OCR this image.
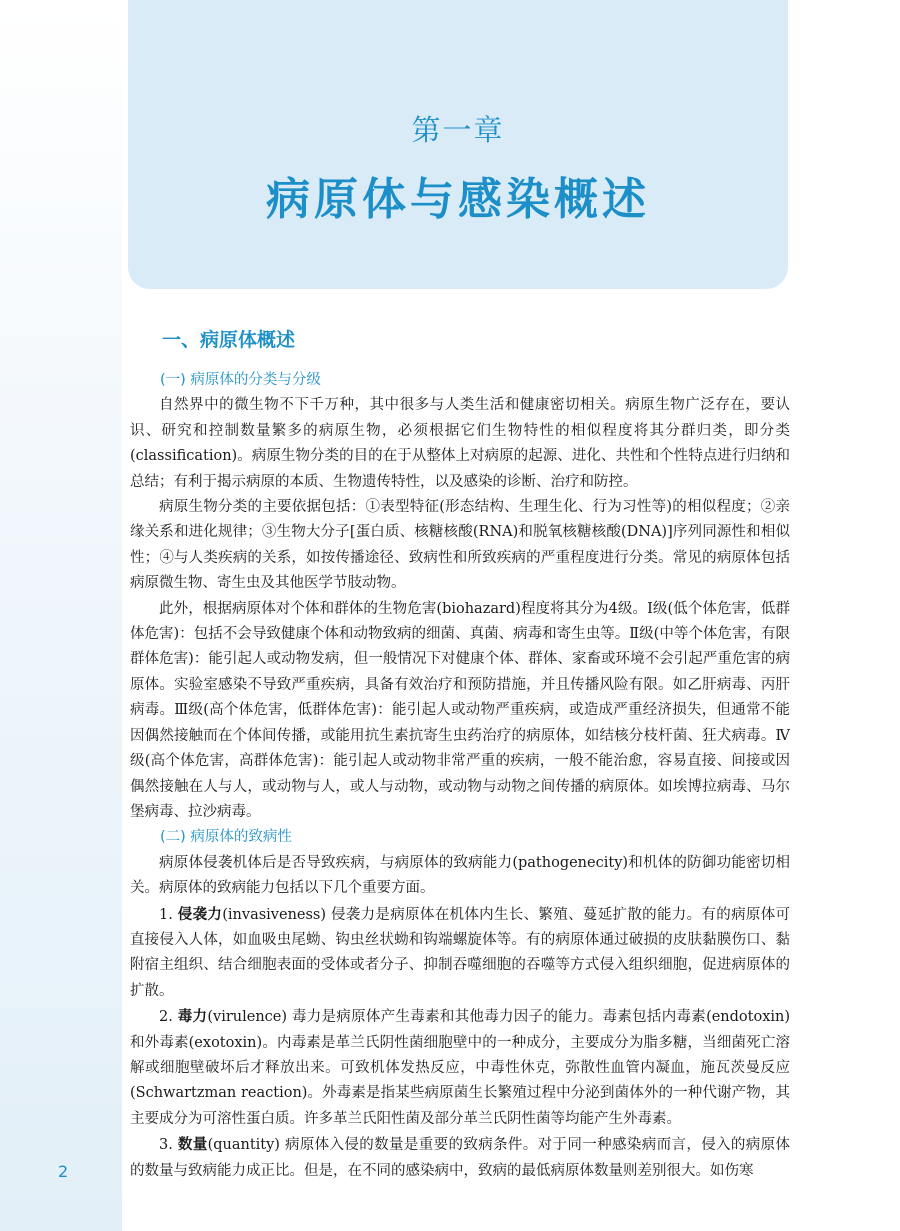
第一章
病原体与感染概述
一、病原体概述
(一) 病原体的分类与分级

自然界中的微生物不下千万种，其中很多与人类生活和健康密切相关。病原生物广泛存在，要认识、研究和控制数量繁多的病原生物，必须根据它们生物特性的相似程度将其分群归类，即分类(classification)。病原生物分类的目的在于从整体上对病原的起源、进化、共性和个性特点进行归纳和总结；有利于揭示病原的本质、生物遗传特性，以及感染的诊断、治疗和防控。

病原生物分类的主要依据包括：①表型特征(形态结构、生理生化、行为习性等)的相似程度；②亲缘关系和进化规律；③生物大分子[蛋白质、核糖核酸(RNA)和脱氧核糖核酸(DNA)]序列同源性和相似性；④与人类疾病的关系，如按传播途径、致病性和所致疾病的严重程度进行分类。常见的病原体包括病原微生物、寄生虫及其他医学节肢动物。

此外，根据病原体对个体和群体的生物危害(biohazard)程度将其分为4级。Ⅰ级(低个体危害，低群体危害)：包括不会导致健康个体和动物致病的细菌、真菌、病毒和寄生虫等。Ⅱ级(中等个体危害，有限群体危害)：能引起人或动物发病，但一般情况下对健康个体、群体、家畜或环境不会引起严重危害的病原体。实验室感染不导致严重疾病，具备有效治疗和预防措施，并且传播风险有限。如乙肝病毒、丙肝病毒。Ⅲ级(高个体危害，低群体危害)：能引起人或动物严重疾病，或造成严重经济损失，但通常不能因偶然接触而在个体间传播，或能用抗生素抗寄生虫药治疗的病原体，如结核分枝杆菌、狂犬病毒。Ⅳ级(高个体危害，高群体危害)：能引起人或动物非常严重的疾病，一般不能治愈，容易直接、间接或因偶然接触在人与人，或动物与人，或人与动物，或动物与动物之间传播的病原体。如埃博拉病毒、马尔堡病毒、拉沙病毒。

(二) 病原体的致病性

病原体侵袭机体后是否导致疾病，与病原体的致病能力(pathogenecity)和机体的防御功能密切相关。病原体的致病能力包括以下几个重要方面。

1. 侵袭力(invasiveness) 侵袭力是病原体在机体内生长、繁殖、蔓延扩散的能力。有的病原体可直接侵入人体，如血吸虫尾蚴、钩虫丝状蚴和钩端螺旋体等。有的病原体通过破损的皮肤黏膜伤口、黏附宿主组织、结合细胞表面的受体或者分子、抑制吞噬细胞的吞噬等方式侵入组织细胞，促进病原体的扩散。

2. 毒力(virulence) 毒力是病原体产生毒素和其他毒力因子的能力。毒素包括内毒素(endotoxin)和外毒素(exotoxin)。内毒素是革兰氏阴性菌细胞壁中的一种成分，主要成分为脂多糖，当细菌死亡溶解或细胞壁破坏后才释放出来。可致机体发热反应，中毒性休克，弥散性血管内凝血，施瓦茨曼反应(Schwartzman reaction)。外毒素是指某些病原菌生长繁殖过程中分泌到菌体外的一种代谢产物，其主要成分为可溶性蛋白质。许多革兰氏阳性菌及部分革兰氏阴性菌等均能产生外毒素。

3. 数量(quantity) 病原体入侵的数量是重要的致病条件。对于同一种感染病而言，侵入的病原体的数量与致病能力成正比。但是，在不同的感染病中，致病的最低病原体数量则差别很大。如伤寒

2
